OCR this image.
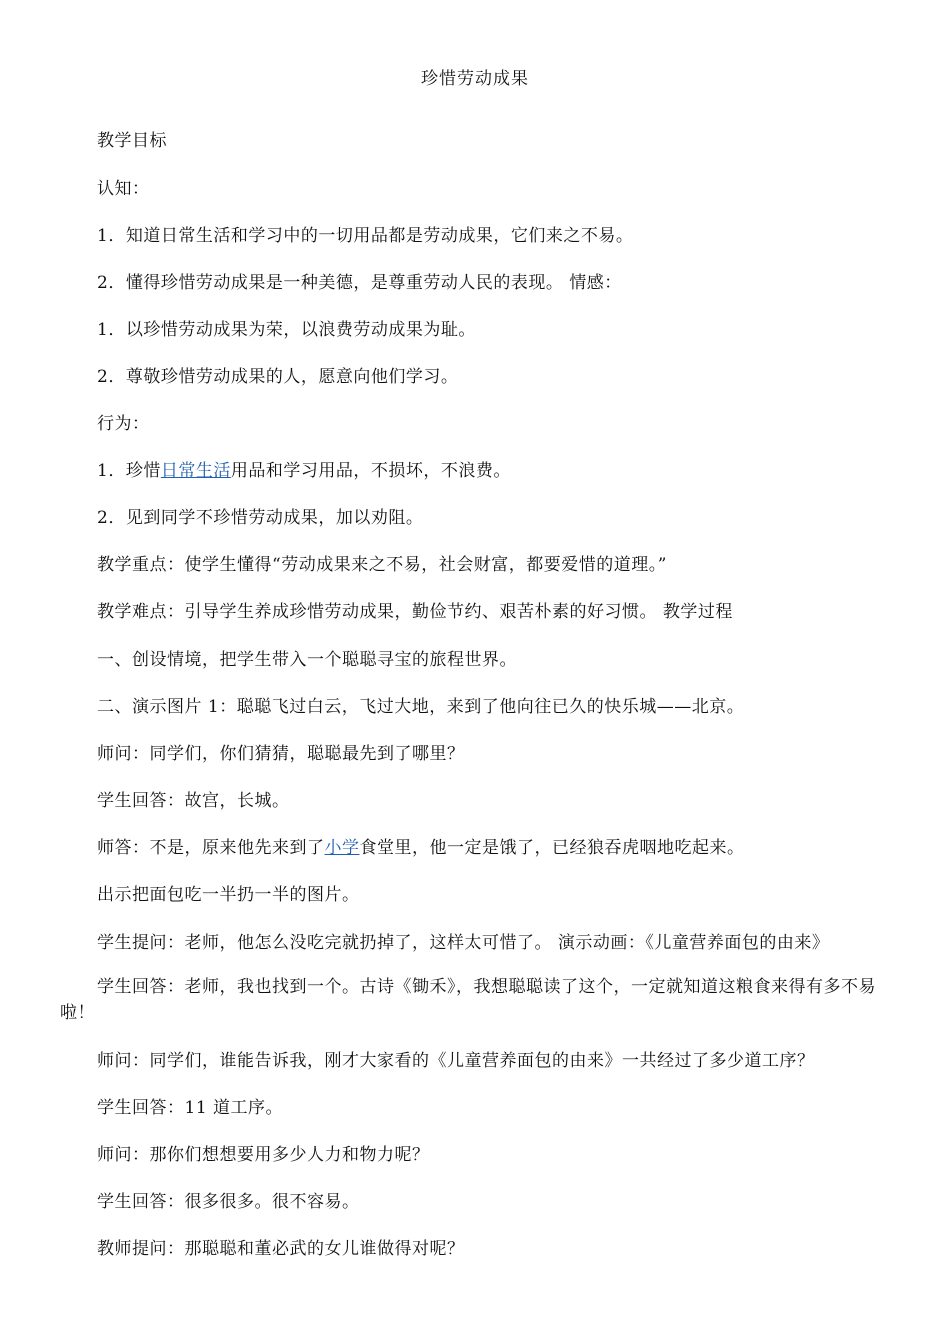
珍惜劳动成果
教学目标
认知：
1．知道日常生活和学习中的一切用品都是劳动成果，它们来之不易。
2．懂得珍惜劳动成果是一种美德，是尊重劳动人民的表现。 情感：
1．以珍惜劳动成果为荣，以浪费劳动成果为耻。
2．尊敬珍惜劳动成果的人，愿意向他们学习。
行为：
1．珍惜日常生活用品和学习用品，不损坏，不浪费。
2．见到同学不珍惜劳动成果，加以劝阻。
教学重点：使学生懂得“劳动成果来之不易，社会财富，都要爱惜的道理。”
教学难点：引导学生养成珍惜劳动成果，勤俭节约、艰苦朴素的好习惯。 教学过程
一、创设情境，把学生带入一个聪聪寻宝的旅程世界。
二、演示图片 1：聪聪飞过白云，飞过大地，来到了他向往已久的快乐城——北京。
师问：同学们，你们猜猜，聪聪最先到了哪里？
学生回答：故宫，长城。
师答：不是，原来他先来到了小学食堂里，他一定是饿了，已经狼吞虎咽地吃起来。
出示把面包吃一半扔一半的图片。
学生提问：老师，他怎么没吃完就扔掉了，这样太可惜了。 演示动画：《儿童营养面包的由来》
学生回答：老师，我也找到一个。古诗《锄禾》，我想聪聪读了这个，一定就知道这粮食来得有多不易啦！
师问：同学们，谁能告诉我，刚才大家看的《儿童营养面包的由来》一共经过了多少道工序？
学生回答：11 道工序。
师问：那你们想想要用多少人力和物力呢？
学生回答：很多很多。很不容易。
教师提问：那聪聪和董必武的女儿谁做得对呢？
